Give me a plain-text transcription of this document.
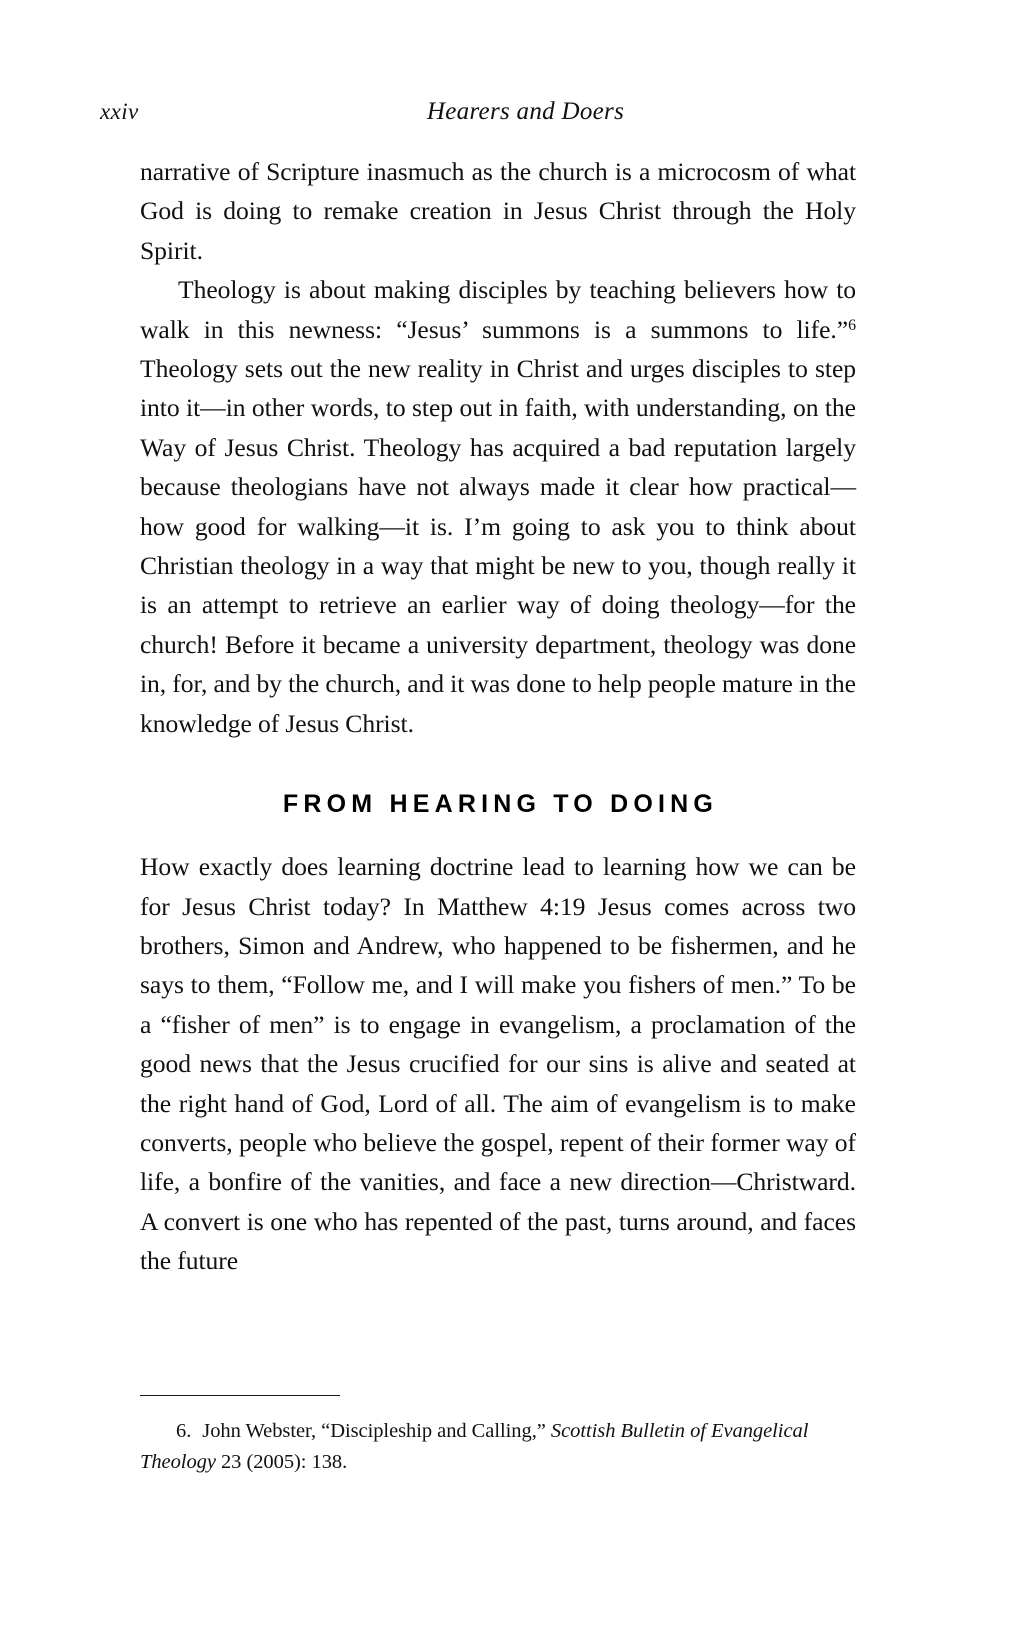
xxiv	Hearers and Doers

narrative of Scripture inasmuch as the church is a microcosm of what God is doing to remake creation in Jesus Christ through the Holy Spirit.

Theology is about making disciples by teaching believers how to walk in this newness: “Jesus’ summons is a summons to life.”$^6$ Theology sets out the new reality in Christ and urges disciples to step into it—in other words, to step out in faith, with understanding, on the Way of Jesus Christ. Theology has acquired a bad reputation largely because theologians have not always made it clear how practical—how good for walking—it is. I’m going to ask you to think about Christian theology in a way that might be new to you, though really it is an attempt to retrieve an earlier way of doing theology—for the church! Before it became a university department, theology was done in, for, and by the church, and it was done to help people mature in the knowledge of Jesus Christ.

FROM HEARING TO DOING

How exactly does learning doctrine lead to learning how we can be for Jesus Christ today? In Matthew 4:19 Jesus comes across two brothers, Simon and Andrew, who happened to be fishermen, and he says to them, “Follow me, and I will make you fishers of men.” To be a “fisher of men” is to engage in evangelism, a proclamation of the good news that the Jesus crucified for our sins is alive and seated at the right hand of God, Lord of all. The aim of evangelism is to make converts, people who believe the gospel, repent of their former way of life, a bonfire of the vanities, and face a new direction—Christward. A convert is one who has repented of the past, turns around, and faces the future

6. John Webster, “Discipleship and Calling,” Scottish Bulletin of Evangelical Theology 23 (2005): 138.
